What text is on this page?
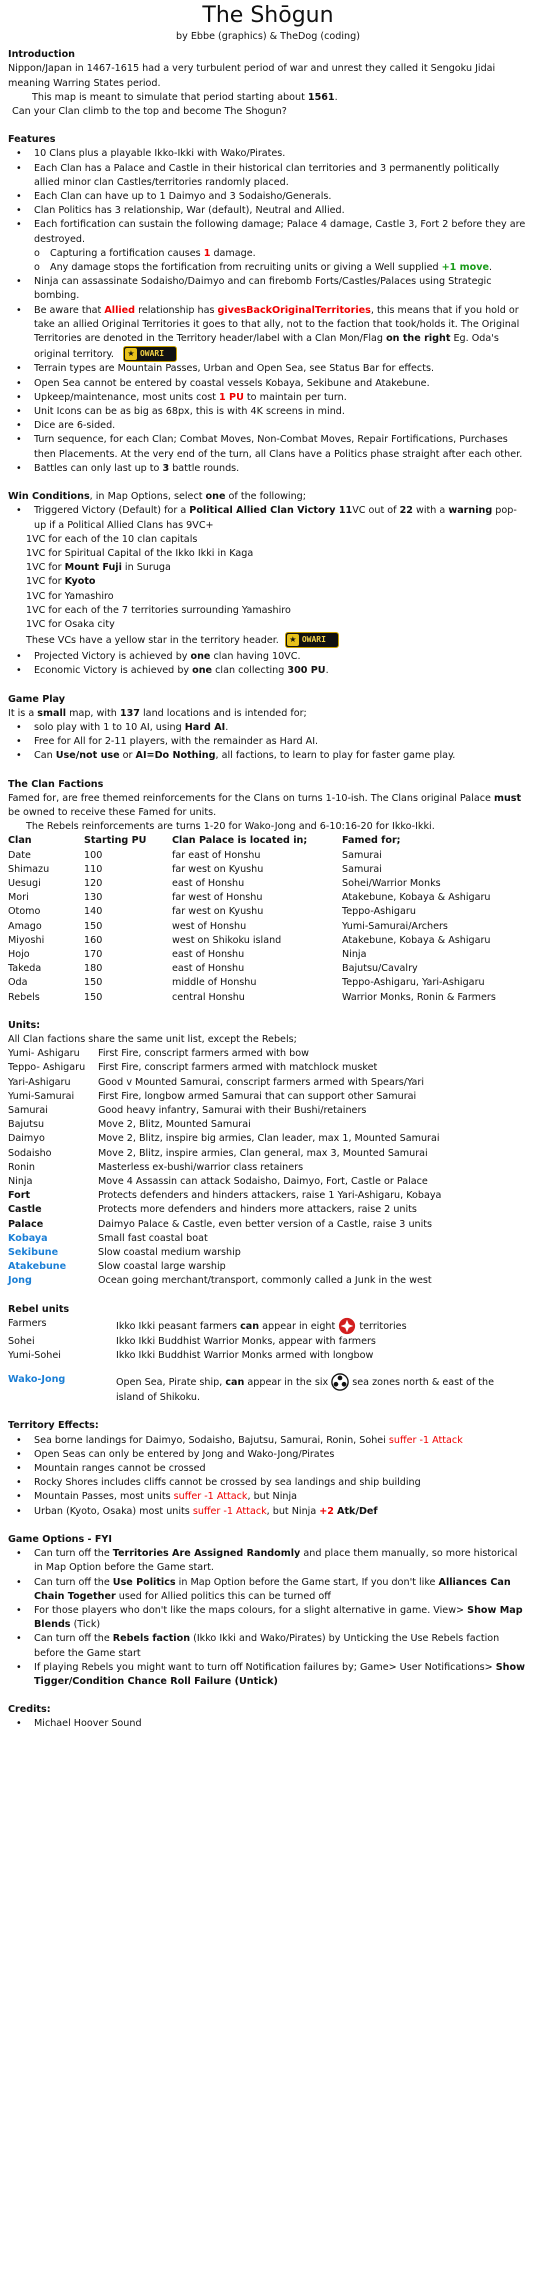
The Shōgun
by Ebbe (graphics) & TheDog (coding)
Introduction

Nippon/Japan in 1467-1615 had a very turbulent period of war and unrest they called it Sengoku Jidai meaning Warring States period.

This map is meant to simulate that period starting about 1561.

Can your Clan climb to the top and become The Shogun?

Features
• 10 Clans plus a playable Ikko-Ikki with Wako/Pirates.
• Each Clan has a Palace and Castle in their historical clan territories and 3 permanently politically allied minor clan Castles/territories randomly placed.
• Each Clan can have up to 1 Daimyo and 3 Sodaisho/Generals.
• Clan Politics has 3 relationship, War (default), Neutral and Allied.
• Each fortification can sustain the following damage; Palace 4 damage, Castle 3, Fort 2 before they are destroyed.
o Capturing a fortification causes 1 damage.
o Any damage stops the fortification from recruiting units or giving a Well supplied +1 move.
• Ninja can assassinate Sodaisho/Daimyo and can firebomb Forts/Castles/Palaces using Strategic bombing.
• Be aware that Allied relationship has givesBackOriginalTerritories, this means that if you hold or take an allied Original Territories it goes to that ally, not to the faction that took/holds it. The Original Territories are denoted in the Territory header/label with a Clan Mon/Flag on the right Eg. Oda's original territory.	★ OWARI
• Terrain types are Mountain Passes, Urban and Open Sea, see Status Bar for effects.
• Open Sea cannot be entered by coastal vessels Kobaya, Sekibune and Atakebune.
• Upkeep/maintenance, most units cost 1 PU to maintain per turn.
• Unit Icons can be as big as 68px, this is with 4K screens in mind.
• Dice are 6-sided.
• Turn sequence, for each Clan; Combat Moves, Non-Combat Moves, Repair Fortifications, Purchases then Placements. At the very end of the turn, all Clans have a Politics phase straight after each other.
• Battles can only last up to 3 battle rounds.

Win Conditions, in Map Options, select one of the following;

• Triggered Victory (Default) for a Political Allied Clan Victory 11VC out of 22 with a warning pop-up if a Political Allied Clans has 9VC+
1VC for each of the 10 clan capitals
1VC for Spiritual Capital of the Ikko Ikki in Kaga
1VC for Mount Fuji in Suruga
1VC for Kyoto
1VC for Yamashiro
1VC for each of the 7 territories surrounding Yamashiro
1VC for Osaka city
These VCs have a yellow star in the territory header.	★ OWARI
• Projected Victory is achieved by one clan having 10VC.
• Economic Victory is achieved by one clan collecting 300 PU.
Game Play

It is a small map, with 137 land locations and is intended for;

• solo play with 1 to 10 AI, using Hard AI.
• Free for All for 2-11 players, with the remainder as Hard AI.
• Can Use/not use or AI=Do Nothing, all factions, to learn to play for faster game play.
The Clan Factions

Famed for, are free themed reinforcements for the Clans on turns 1-10-ish. The Clans original Palace must be owned to receive these Famed for units.

The Rebels reinforcements are turns 1-20 for Wako-Jong and 6-10:16-20 for Ikko-Ikki.

Clan	Starting PU	Clan Palace is located in;	Famed for;
Date	100	far east of Honshu	Samurai
Shimazu	110	far west on Kyushu	Samurai
Uesugi	120	east of Honshu	Sohei/Warrior Monks
Mori	130	far west of Honshu	Atakebune, Kobaya & Ashigaru
Otomo	140	far west on Kyushu	Teppo-Ashigaru
Amago	150	west of Honshu	Yumi-Samurai/Archers
Miyoshi	160	west on Shikoku island	Atakebune, Kobaya & Ashigaru
Hojo	170	east of Honshu	Ninja
Takeda	180	east of Honshu	Bajutsu/Cavalry
Oda	150	middle of Honshu	Teppo-Ashigaru, Yari-Ashigaru
Rebels	150	central Honshu	Warrior Monks, Ronin & Farmers
Units:

All Clan factions share the same unit list, except the Rebels;

Yumi- Ashigaru	First Fire, conscript farmers armed with bow
Teppo- Ashigaru	First Fire, conscript farmers armed with matchlock musket
Yari-Ashigaru	Good v Mounted Samurai, conscript farmers armed with Spears/Yari
Yumi-Samurai	First Fire, longbow armed Samurai that can support other Samurai
Samurai	Good heavy infantry, Samurai with their Bushi/retainers
Bajutsu	Move 2, Blitz, Mounted Samurai
Daimyo	Move 2, Blitz, inspire big armies, Clan leader, max 1, Mounted Samurai
Sodaisho	Move 2, Blitz, inspire armies, Clan general, max 3, Mounted Samurai
Ronin	Masterless ex-bushi/warrior class retainers
Ninja	Move 4 Assassin can attack Sodaisho, Daimyo, Fort, Castle or Palace
Fort	Protects defenders and hinders attackers, raise 1 Yari-Ashigaru, Kobaya
Castle	Protects more defenders and hinders more attackers, raise 2 units
Palace	Daimyo Palace & Castle, even better version of a Castle, raise 3 units
Kobaya	Small fast coastal boat
Sekibune	Slow coastal medium warship
Atakebune	Slow coastal large warship
Jong	Ocean going merchant/transport, commonly called a Junk in the west
Rebel units
Farmers	Ikko Ikki peasant farmers can appear in eight  territories
Sohei	Ikko Ikki Buddhist Warrior Monks, appear with farmers
Yumi-Sohei	Ikko Ikki Buddhist Warrior Monks armed with longbow

Wako-Jong	Open Sea, Pirate ship, can appear in the six  sea zones north & east of the island of Shikoku.
Territory Effects:
• Sea borne landings for Daimyo, Sodaisho, Bajutsu, Samurai, Ronin, Sohei suffer -1 Attack
• Open Seas can only be entered by Jong and Wako-Jong/Pirates
• Mountain ranges cannot be crossed
• Rocky Shores includes cliffs cannot be crossed by sea landings and ship building
• Mountain Passes, most units suffer -1 Attack, but Ninja
• Urban (Kyoto, Osaka) most units suffer -1 Attack, but Ninja +2 Atk/Def
Game Options - FYI
• Can turn off the Territories Are Assigned Randomly and place them manually, so more historical in Map Option before the Game start.
• Can turn off the Use Politics in Map Option before the Game start, If you don't like Alliances Can Chain Together used for Allied politics this can be turned off
• For those players who don't like the maps colours, for a slight alternative in game. View> Show Map Blends (Tick)
• Can turn off the Rebels faction (Ikko Ikki and Wako/Pirates) by Unticking the Use Rebels faction before the Game start
• If playing Rebels you might want to turn off Notification failures by; Game> User Notifications> Show Tigger/Condition Chance Roll Failure (Untick)
Credits:
• Michael Hoover Sound
